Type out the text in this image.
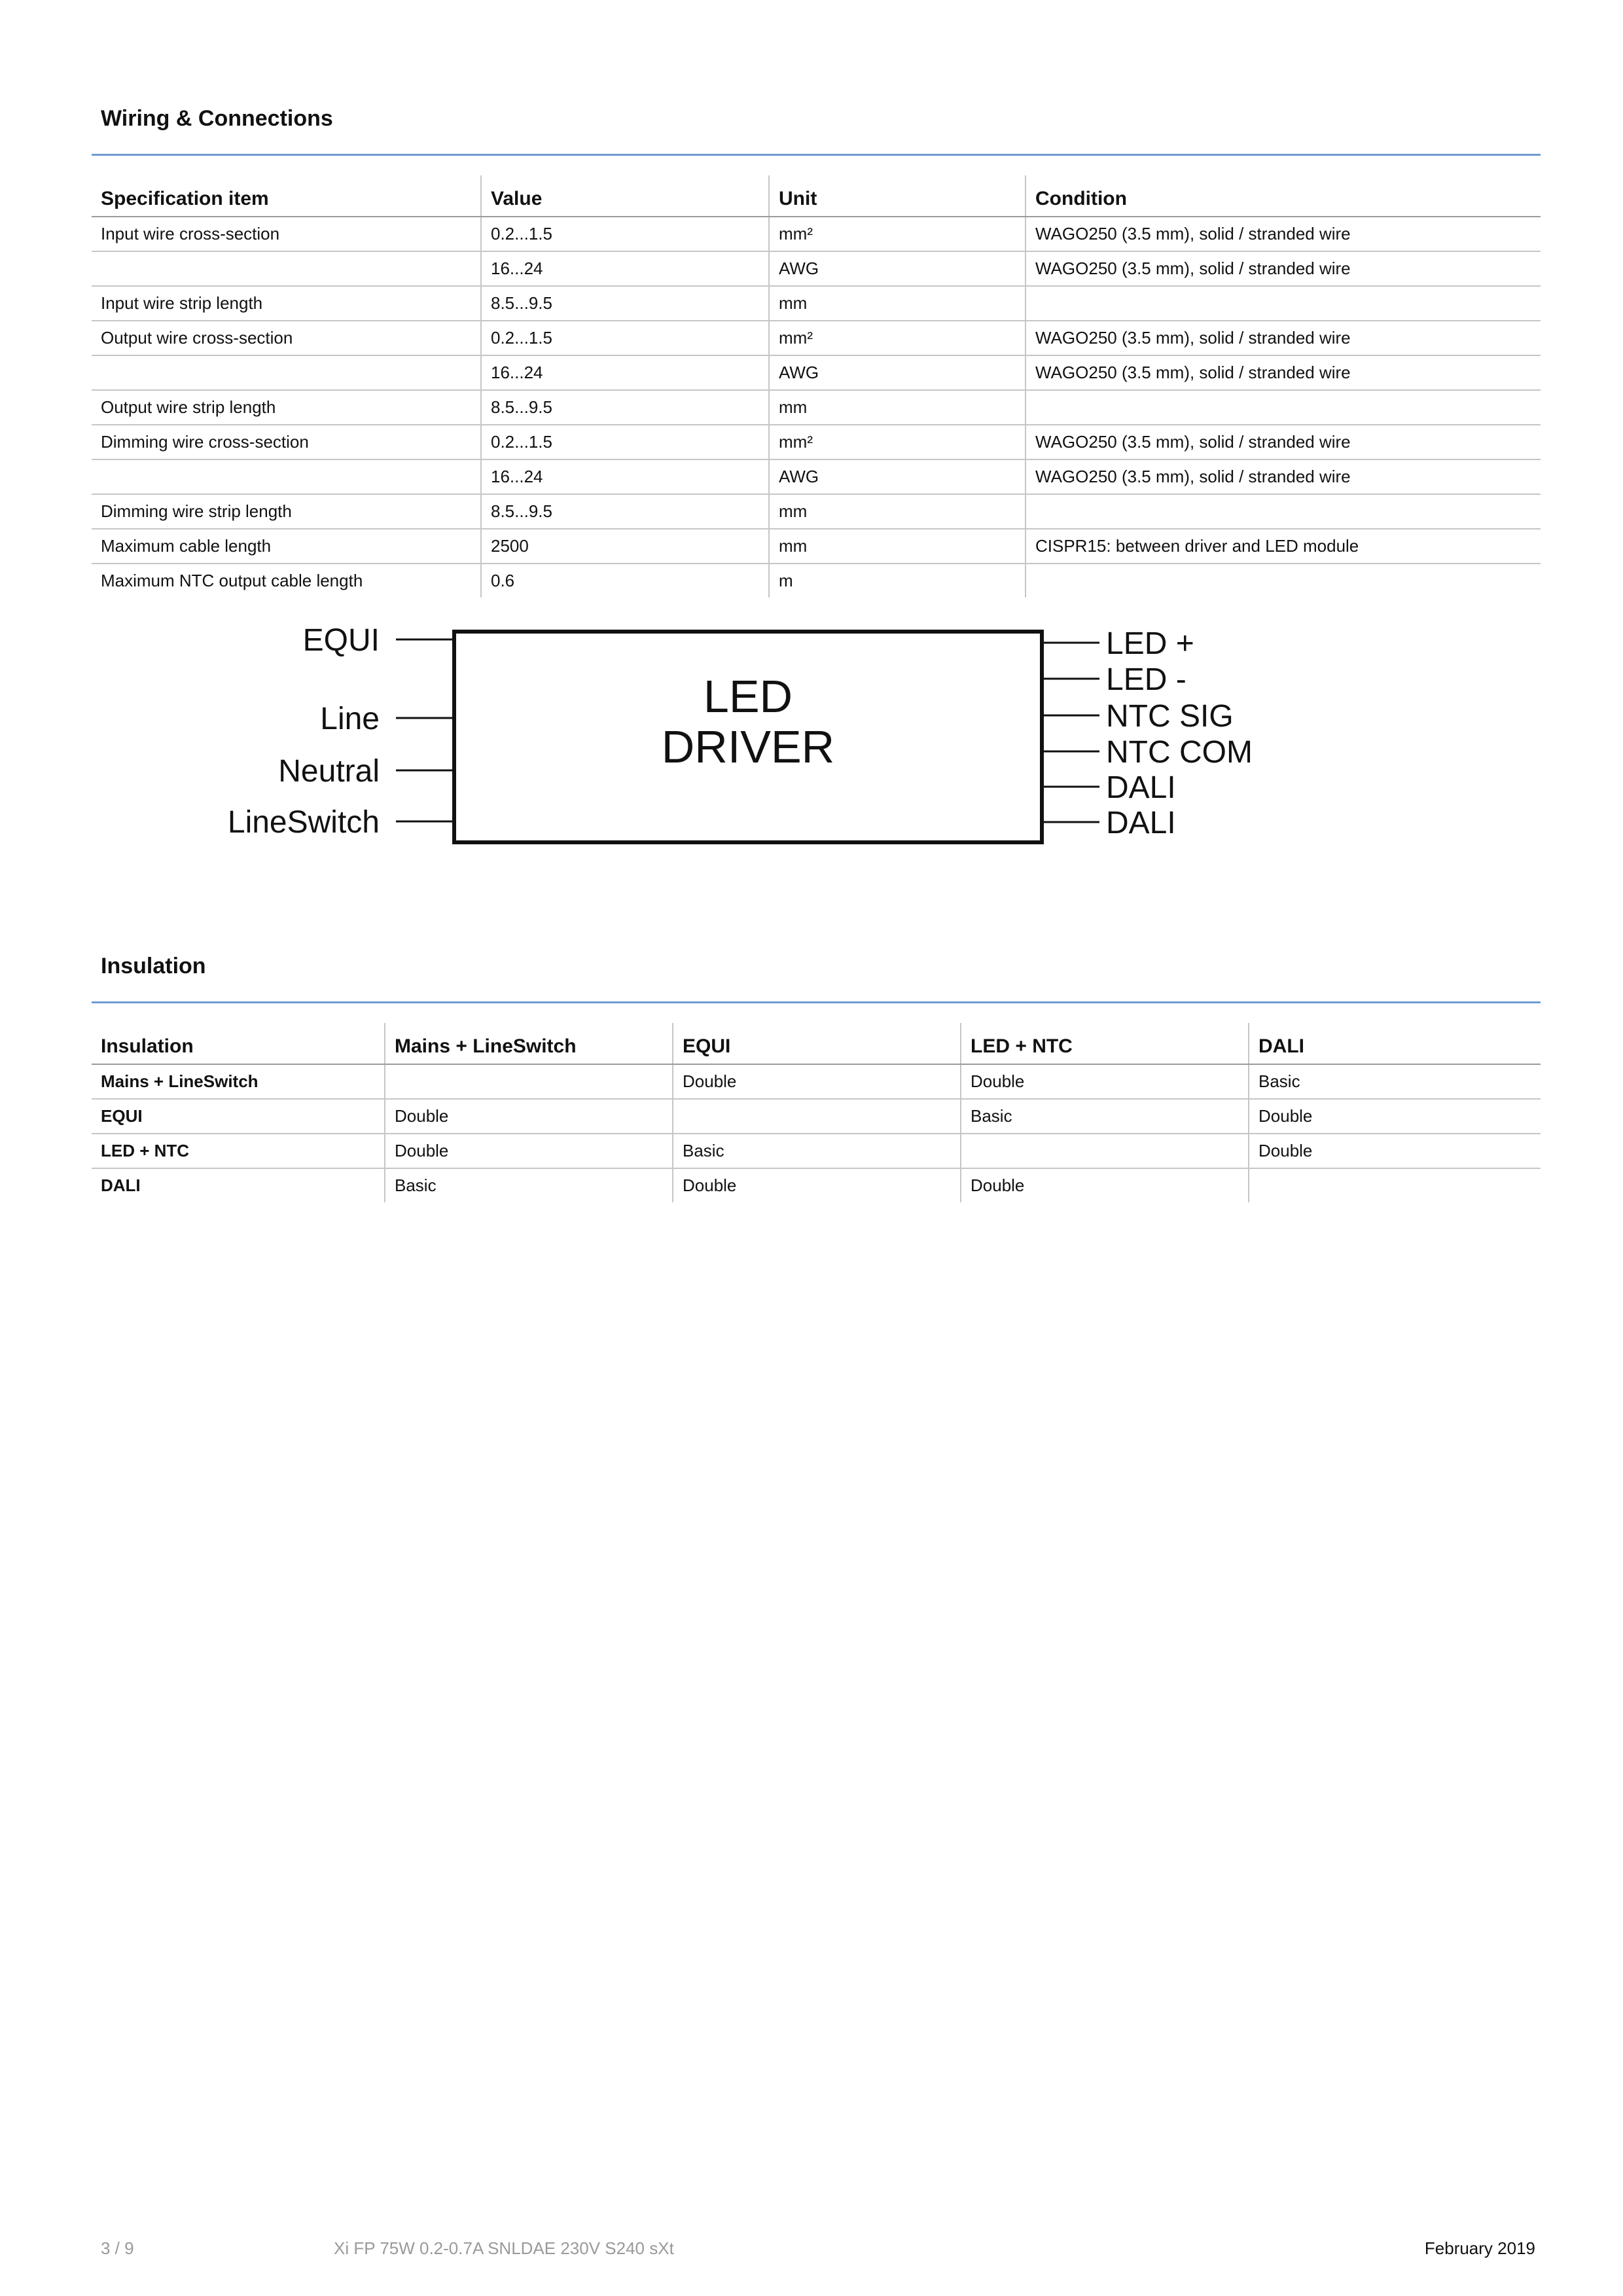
Wiring & Connections
Specification item	Value	Unit	Condition
Input wire cross-section	0.2...1.5	mm²	WAGO250 (3.5 mm), solid / stranded wire
	16...24	AWG	WAGO250 (3.5 mm), solid / stranded wire
Input wire strip length	8.5...9.5	mm	
Output wire cross-section	0.2...1.5	mm²	WAGO250 (3.5 mm), solid / stranded wire
	16...24	AWG	WAGO250 (3.5 mm), solid / stranded wire
Output wire strip length	8.5...9.5	mm	
Dimming wire cross-section	0.2...1.5	mm²	WAGO250 (3.5 mm), solid / stranded wire
	16...24	AWG	WAGO250 (3.5 mm), solid / stranded wire
Dimming wire strip length	8.5...9.5	mm	
Maximum cable length	2500	mm	CISPR15: between driver and LED module
Maximum NTC output cable length	0.6	m	
LED
DRIVER
EQUI
Line
Neutral
LineSwitch
LED +
LED -
NTC SIG
NTC COM
DALI
DALI
Insulation
Insulation	Mains + LineSwitch	EQUI	LED + NTC	DALI
Mains + LineSwitch		Double	Double	Basic
EQUI	Double		Basic	Double
LED + NTC	Double	Basic		Double
DALI	Basic	Double	Double	
3 / 9	Xi FP 75W 0.2-0.7A SNLDAE 230V S240 sXt	February 2019
